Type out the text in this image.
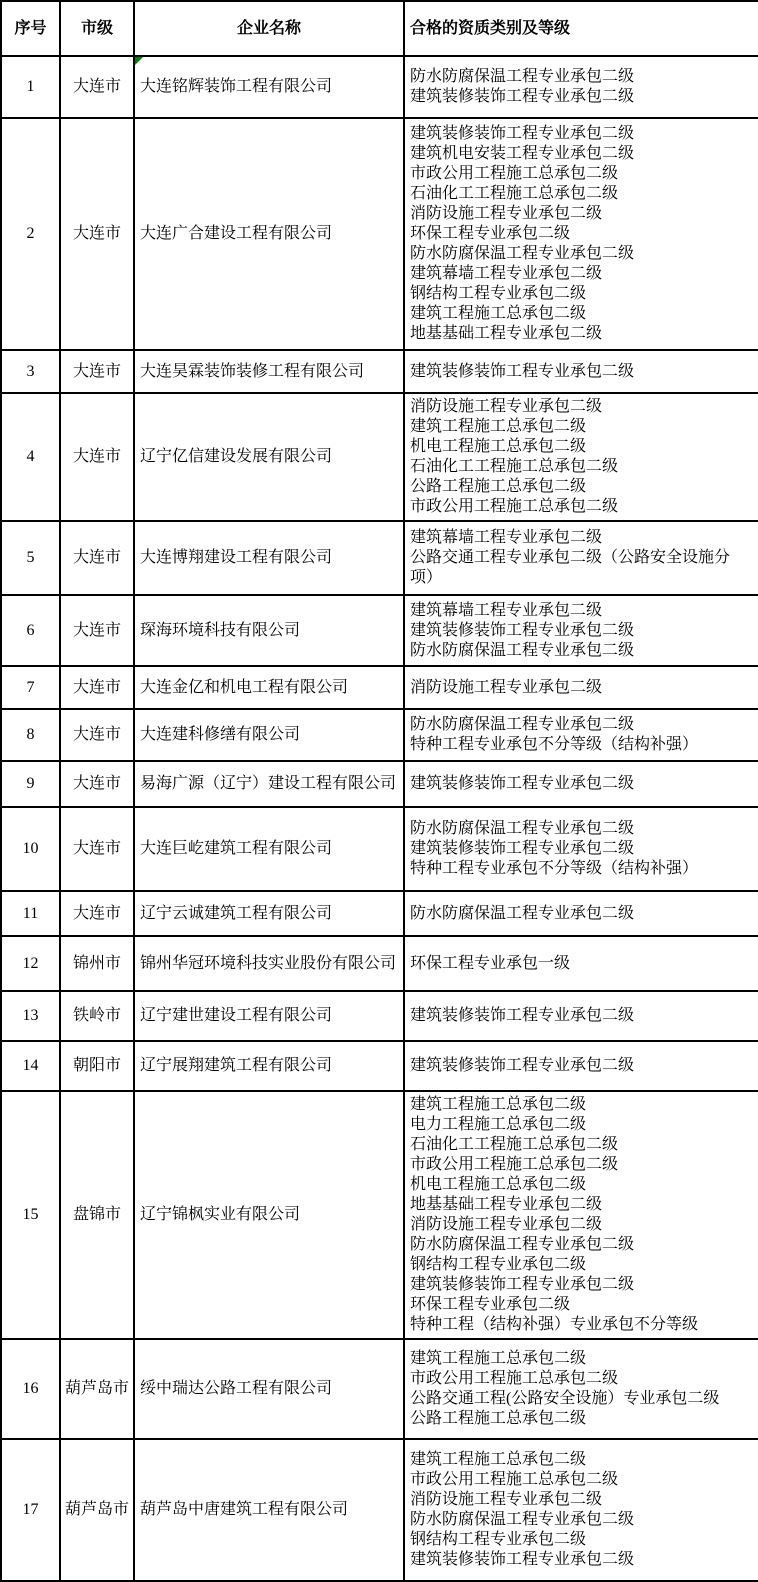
序号	市级	企业名称	合格的资质类别及等级
1	大连市	大连铭辉装饰工程有限公司	防水防腐保温工程专业承包二级
建筑装修装饰工程专业承包二级

2	大连市	大连广合建设工程有限公司	
建筑装修装饰工程专业承包二级
建筑机电安装工程专业承包二级
市政公用工程施工总承包二级
石油化工工程施工总承包二级
消防设施工程专业承包二级
环保工程专业承包二级
防水防腐保温工程专业承包二级
建筑幕墙工程专业承包二级
钢结构工程专业承包二级
建筑工程施工总承包二级
地基基础工程专业承包二级

3	大连市	大连昊霖装饰装修工程有限公司	建筑装修装饰工程专业承包二级

4	大连市	辽宁亿信建设发展有限公司	
消防设施工程专业承包二级
建筑工程施工总承包二级
机电工程施工总承包二级
石油化工工程施工总承包二级
公路工程施工总承包二级
市政公用工程施工总承包二级

5	大连市	大连博翔建设工程有限公司	建筑幕墙工程专业承包二级
公路交通工程专业承包二级（公路安全设施分项）

6	大连市	琛海环境科技有限公司	建筑幕墙工程专业承包二级
建筑装修装饰工程专业承包二级
防水防腐保温工程专业承包二级

7	大连市	大连金亿和机电工程有限公司	消防设施工程专业承包二级

8	大连市	大连建科修缮有限公司	防水防腐保温工程专业承包二级
特种工程专业承包不分等级（结构补强）

9	大连市	易海广源（辽宁）建设工程有限公司	建筑装修装饰工程专业承包二级

10	大连市	大连巨屹建筑工程有限公司	防水防腐保温工程专业承包二级
建筑装修装饰工程专业承包二级
特种工程专业承包不分等级（结构补强）

11	大连市	辽宁云诚建筑工程有限公司	防水防腐保温工程专业承包二级

12	锦州市	锦州华冠环境科技实业股份有限公司	环保工程专业承包一级

13	铁岭市	辽宁建世建设工程有限公司	建筑装修装饰工程专业承包二级

14	朝阳市	辽宁展翔建筑工程有限公司	建筑装修装饰工程专业承包二级

15	盘锦市	辽宁锦枫实业有限公司	
建筑工程施工总承包二级
电力工程施工总承包二级
石油化工工程施工总承包二级
市政公用工程施工总承包二级
机电工程施工总承包二级
地基基础工程专业承包二级
消防设施工程专业承包二级
防水防腐保温工程专业承包二级
钢结构工程专业承包二级
建筑装修装饰工程专业承包二级
环保工程专业承包二级
特种工程（结构补强）专业承包不分等级

16	葫芦岛市	绥中瑞达公路工程有限公司	建筑工程施工总承包二级
市政公用工程施工总承包二级
公路交通工程(公路安全设施）专业承包二级
公路工程施工总承包二级

17	葫芦岛市	葫芦岛中唐建筑工程有限公司	
建筑工程施工总承包二级
市政公用工程施工总承包二级
消防设施工程专业承包二级
防水防腐保温工程专业承包二级
钢结构工程专业承包二级
建筑装修装饰工程专业承包二级
